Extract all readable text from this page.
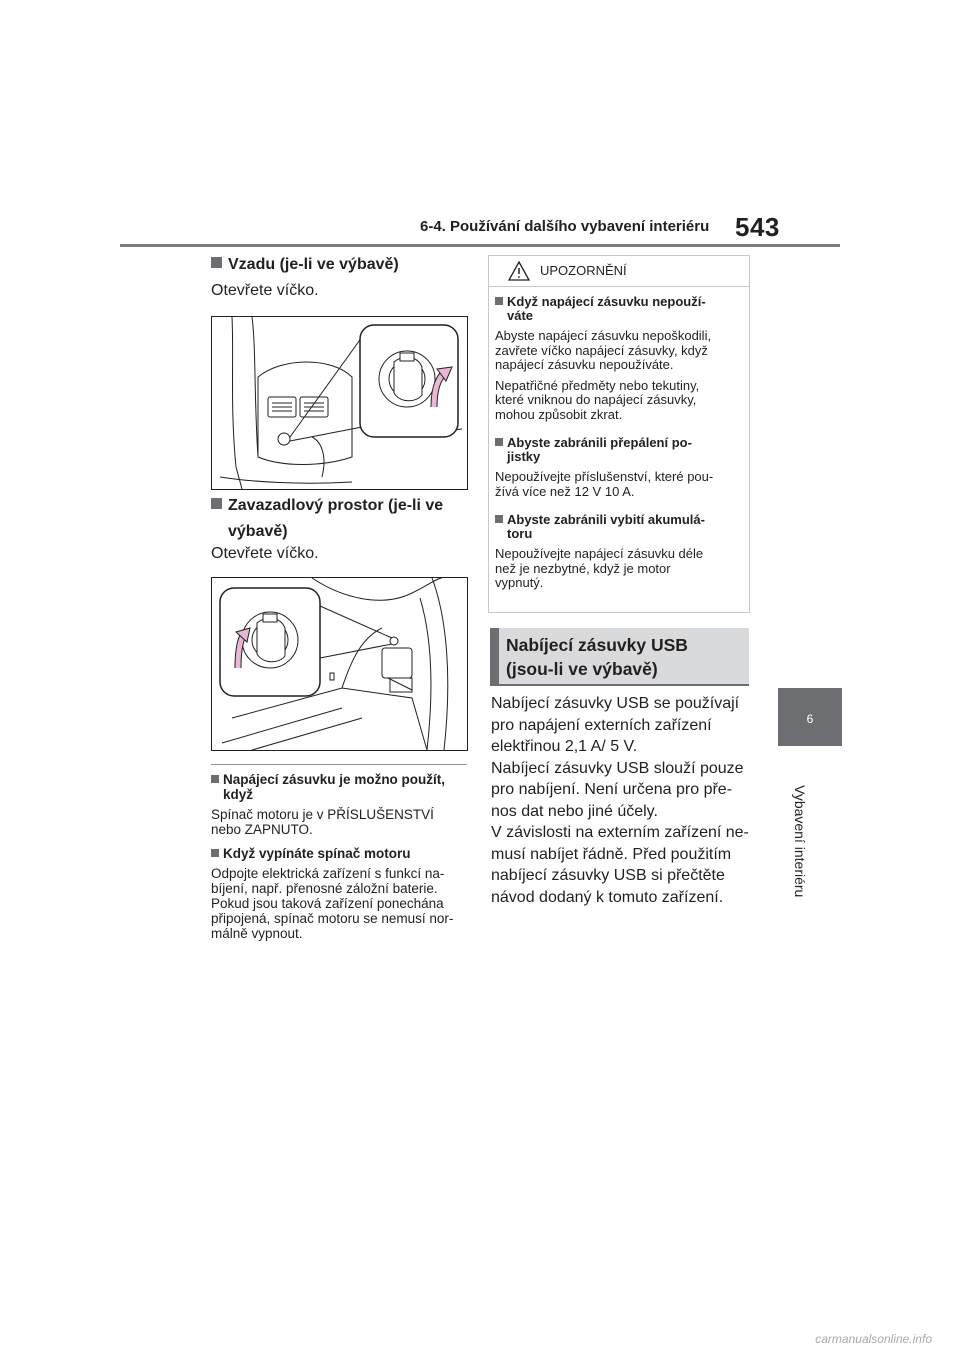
6-4. Používání dalšího vybavení interiéru 543
6
Vybavení interiéru
Vzadu (je-li ve výbavě)
Otevřete víčko.
Zavazadlový prostor (je-li ve
výbavě)
Otevřete víčko.
Napájecí zásuvku je možno použít,
když
Spínač motoru je v PŘÍSLUŠENSTVÍ
nebo ZAPNUTO.
Když vypínáte spínač motoru
Odpojte elektrická zařízení s funkcí na-
bíjení, např. přenosné záložní baterie.
Pokud jsou taková zařízení ponechána
připojená, spínač motoru se nemusí nor-
málně vypnout.
UPOZORNĚNÍ
Když napájecí zásuvku nepouží-
váte
Abyste napájecí zásuvku nepoškodili,
zavřete víčko napájecí zásuvky, když
napájecí zásuvku nepoužíváte.
Nepatřičné předměty nebo tekutiny,
které vniknou do napájecí zásuvky,
mohou způsobit zkrat.
Abyste zabránili přepálení po-
jistky
Nepoužívejte příslušenství, které pou-
žívá více než 12 V 10 A.
Abyste zabránili vybití akumulá-
toru
Nepoužívejte napájecí zásuvku déle
než je nezbytné, když je motor
vypnutý.
Nabíjecí zásuvky USB
(jsou-li ve výbavě)
Nabíjecí zásuvky USB se používají
pro napájení externích zařízení
elektřinou 2,1 A/ 5 V.
Nabíjecí zásuvky USB slouží pouze
pro nabíjení. Není určena pro pře-
nos dat nebo jiné účely.
V závislosti na externím zařízení ne-
musí nabíjet řádně. Před použitím
nabíjecí zásuvky USB si přečtěte
návod dodaný k tomuto zařízení.
carmanualsonline.info
